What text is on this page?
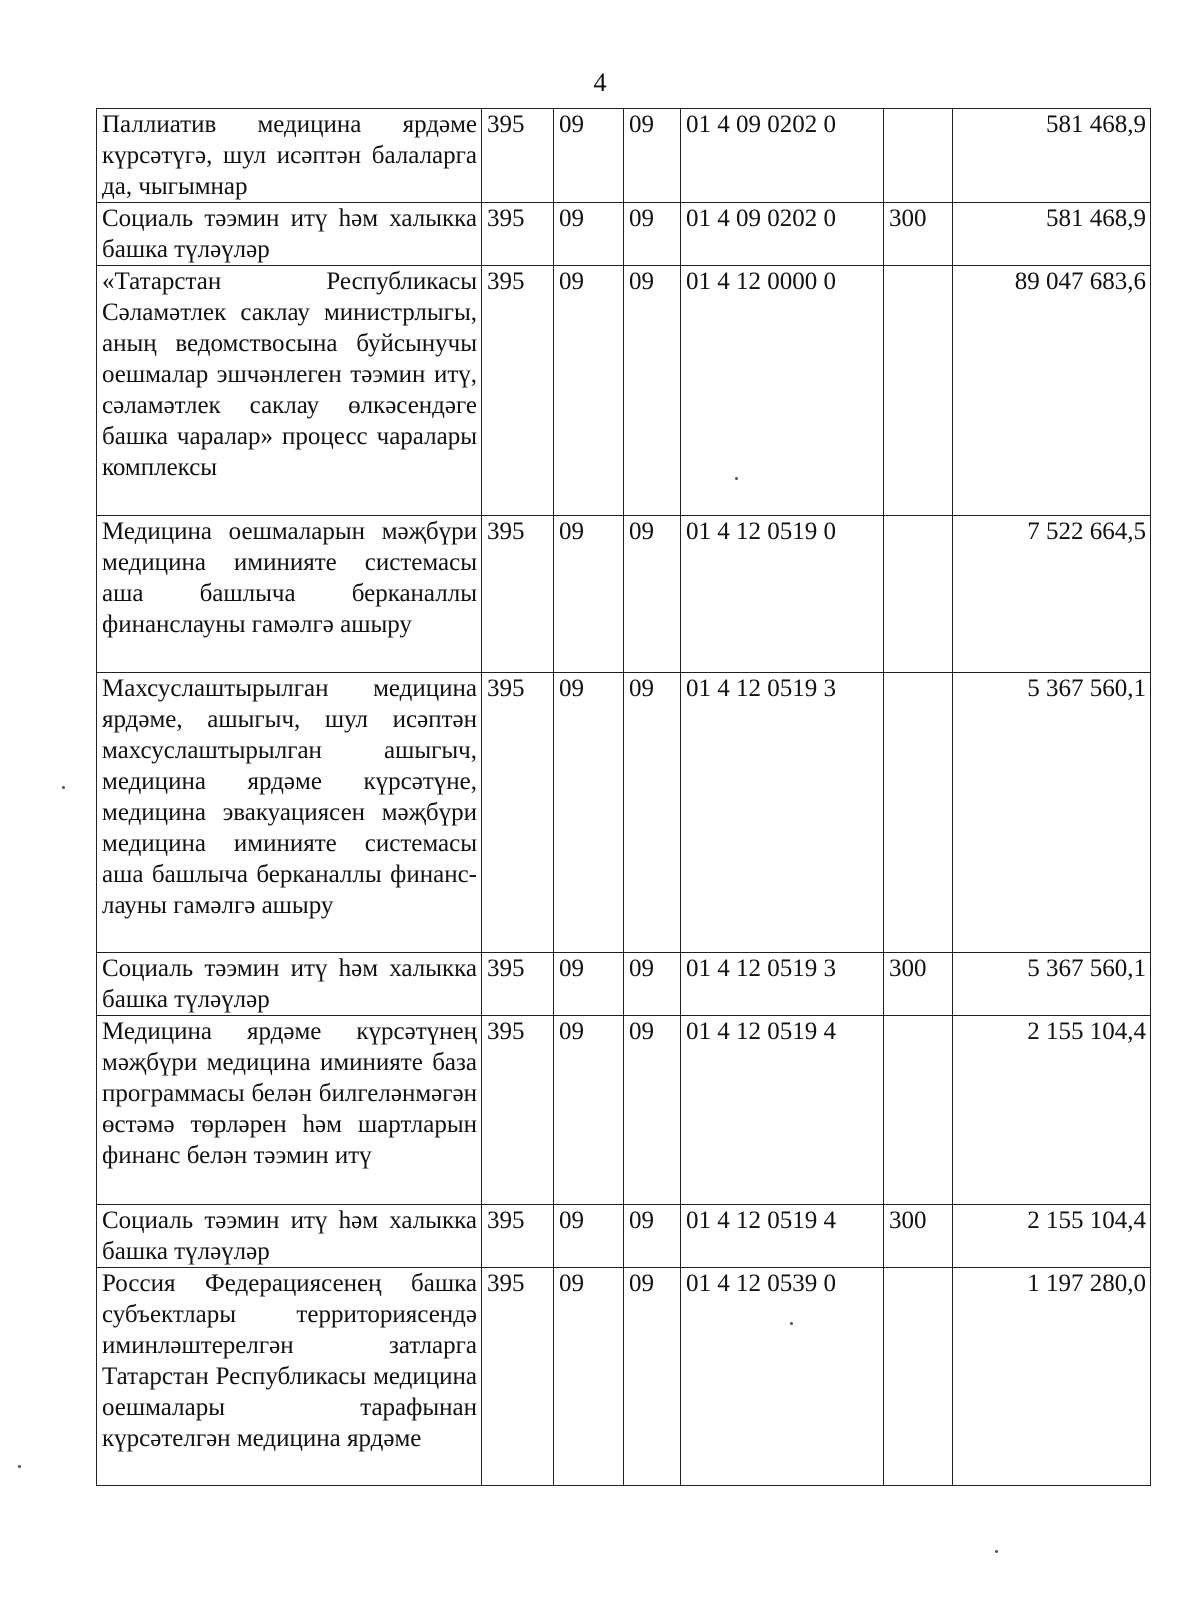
4
Паллиатив медицина ярдәме күрсәтүгә, шул исәптән балаларга да, чыгымнар	395	09	09	01 4 09 0202 0		581 468,9
Социаль тәэмин итү һәм халыкка башка түләүләр	395	09	09	01 4 09 0202 0	300	581 468,9
«Татарстан Республикасы Сәламәтлек саклау министрлыгы, аның ведомствосына буйсынучы оешмалар эшчәнлеген тәэмин итү, сәламәтлек саклау өлкәсендәге башка чаралар» процесс чаралары комплексы	395	09	09	01 4 12 0000 0		89 047 683,6
Медицина оешмаларын мәҗбүри медицина иминияте системасы аша башлыча берканаллы финанслауны гамәлгә ашыру	395	09	09	01 4 12 0519 0		7 522 664,5
Махсуслаштырылган медицина ярдәме, ашыгыч, шул исәптән махсуслаштырылган ашыгыч, медицина ярдәме күрсәтүне, медицина эвакуациясен мәҗбүри медицина иминияте системасы аша башлыча берканаллы финанслауны гамәлгә ашыру	395	09	09	01 4 12 0519 3		5 367 560,1
Социаль тәэмин итү һәм халыкка башка түләүләр	395	09	09	01 4 12 0519 3	300	5 367 560,1
Медицина ярдәме күрсәтүнең мәҗбүри медицина иминияте база программасы белән билгеләнмәгән өстәмә төрләрен һәм шартларын финанс белән тәэмин итү	395	09	09	01 4 12 0519 4		2 155 104,4
Социаль тәэмин итү һәм халыкка башка түләүләр	395	09	09	01 4 12 0519 4	300	2 155 104,4
Россия Федерациясенең башка субъектлары территориясендә иминләштерелгән затларга Татарстан Республикасы медицина оешмалары тарафынан күрсәтелгән медицина ярдәме	395	09	09	01 4 12 0539 0		1 197 280,0
